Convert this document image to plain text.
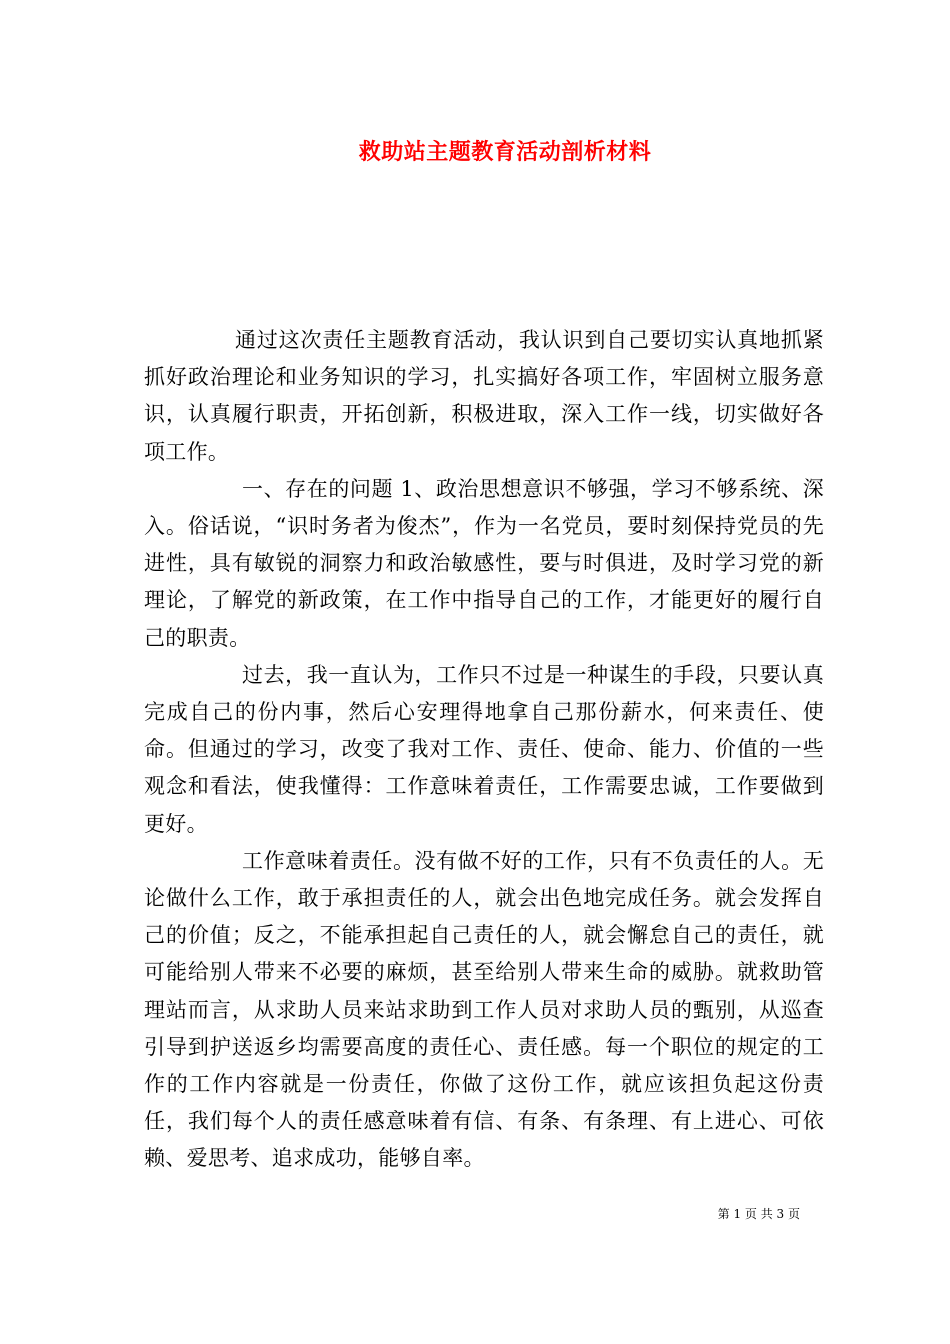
救助站主题教育活动剖析材料

通过这次责任主题教育活动，我认识到自己要切实认真地抓紧抓好政治理论和业务知识的学习，扎实搞好各项工作，牢固树立服务意识，认真履行职责，开拓创新，积极进取，深入工作一线，切实做好各项工作。

一、存在的问题 1、政治思想意识不够强，学习不够系统、深入。俗话说，“识时务者为俊杰”，作为一名党员，要时刻保持党员的先进性，具有敏锐的洞察力和政治敏感性，要与时俱进，及时学习党的新理论，了解党的新政策，在工作中指导自己的工作，才能更好的履行自己的职责。

过去，我一直认为，工作只不过是一种谋生的手段，只要认真完成自己的份内事，然后心安理得地拿自己那份薪水，何来责任、使命。但通过的学习，改变了我对工作、责任、使命、能力、价值的一些观念和看法，使我懂得：工作意味着责任，工作需要忠诚，工作要做到更好。

工作意味着责任。没有做不好的工作，只有不负责任的人。无论做什么工作，敢于承担责任的人，就会出色地完成任务。就会发挥自己的价值；反之，不能承担起自己责任的人，就会懈怠自己的责任，就可能给别人带来不必要的麻烦，甚至给别人带来生命的威胁。就救助管理站而言，从求助人员来站求助到工作人员对求助人员的甄别，从巡查引导到护送返乡均需要高度的责任心、责任感。每一个职位的规定的工作的工作内容就是一份责任，你做了这份工作，就应该担负起这份责任，我们每个人的责任感意味着有信、有条、有条理、有上进心、可依赖、爱思考、追求成功，能够自率。

第 1 页 共 3 页
